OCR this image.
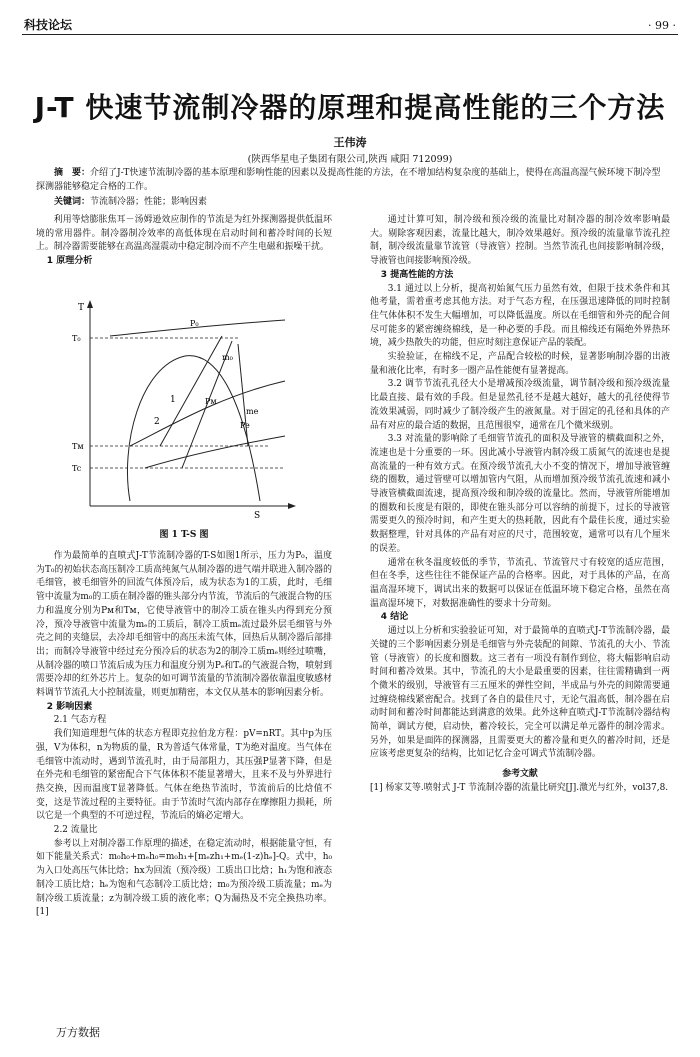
科技论坛	· 99 ·
J-T 快速节流制冷器的原理和提高性能的三个方法
王伟涛
(陕西华星电子集团有限公司,陕西 咸阳 712099)
摘　要：介绍了J-T快速节流制冷器的基本原理和影响性能的因素以及提高性能的方法，在不增加结构复杂度的基础上，使得在高温高湿气候环境下制冷型探测器能够稳定合格的工作。
关键词：节流制冷器；性能；影响因素

利用等焓膨胀焦耳－汤姆逊效应制作的节流是为红外探测器提供低温环境的常用器件。制冷器制冷效率的高低体现在启动时间和蓄冷时间的长短上。制冷器需要能够在高温高湿震动中稳定制冷而不产生电磁和振噪干扰。

1 原理分析

T
S
T₀
Tᴍ
Tc
P₀
Pᴍ
Pe
m₀
me
1
2
图 1 T-S 图

作为最简单的直喷式J-T节流制冷器的T-S如图1所示，压力为P₀，温度为T₀的初始状态高压制冷工质高纯氮气从制冷器的进气端并联进入制冷器的毛细管，被毛细管外的回流气体预冷后，成为状态为1的工质，此时，毛细管中流量为m₀的工质在制冷器的锥头部分内节流，节流后的气液混合物的压力和温度分别为Pᴍ和Tᴍ，它使导液管中的制冷工质在锥头内得到充分预冷，预冷导液管中流量为mₑ的工质后，制冷工质mₑ流过最外层毛细管与外壳之间的夹缝层，去冷却毛细管中的高压未流气体，回热后从制冷器后部排出；而制冷导液管中经过充分预冷后的状态为2的制冷工质mₑ则经过喷嘴，从制冷器的喷口节流后成为压力和温度分别为Pₑ和Tₑ的气液混合物，喷射到需要冷却的红外芯片上。复杂的如可调节流量的节流制冷器依靠温度敏感材料调节节流孔大小控制流量，则更加精密，本文仅从基本的影响因素分析。

2 影响因素

2.1 气态方程

我们知道理想气体的状态方程即克拉伯龙方程：pV=nRT。其中p为压强，V为体积，n为物质的量，R为普适气体常量，T为绝对温度。当气体在毛细管中流动时，遇到节流孔时，由于局部阻力，其压强P显著下降，但是在外壳和毛细管的紧密配合下气体体积不能显著增大，且来不及与外界进行热交换，因而温度T显著降低。气体在绝热节流时，节流前后的比焓值不变，这是节流过程的主要特征。由于节流时气流内部存在摩擦阻力损耗，所以它是一个典型的不可逆过程，节流后的熵必定增大。

2.2 流量比

参考以上对制冷器工作原理的描述，在稳定流动时，根据能量守恒，有如下能量关系式：m₀h₀+mₑh₀=m₀h₁+[mₑzh₁+mₑ(1-z)hₑ]-Q。式中，h₀为入口处高压气体比焓；hx为回流（预冷级）工质出口比焓；h₁为饱和液态制冷工质比焓；hₑ为饱和气态制冷工质比焓；m₀为预冷级工质流量；mₑ为制冷级工质流量；z为制冷级工质的液化率；Q为漏热及不完全换热功率。[1]

通过计算可知，制冷级和预冷级的流量比对制冷器的制冷效率影响最大。剔除客观因素，流量比越大，制冷效果越好。预冷级的流量靠节流孔控制，制冷级流量靠节流管（导液管）控制。当然节流孔也间接影响制冷级，导液管也间接影响预冷级。

3 提高性能的方法

3.1 通过以上分析，提高初始氮气压力虽然有效，但限于技术条件和其他考量，需着重考虑其他方法。对于气态方程，在压强迅速降低的同时控制住气体体积不发生大幅增加，可以降低温度。所以在毛细管和外壳的配合间尽可能多的紧密缠绕棉线，是一种必要的手段。而且棉线还有隔绝外界热环境，减少热散失的功能，但应时刻注意保证产品的装配。

实验验证，在棉线不足，产品配合较松的时候，显著影响制冷器的出液量和液化比率，有时多一圈产品性能便有显著提高。

3.2 调节节流孔孔径大小是增减预冷级流量，调节制冷级和预冷级流量比最直接、最有效的手段。但是显然孔径不是越大越好，越大的孔径使得节流效果减弱，同时减少了制冷级产生的液氮量。对于固定的孔径和具体的产品有对应的最合适的数据，且范围很窄，通常在几个微米级别。

3.3 对流量的影响除了毛细管节流孔的面积及导液管的横截面积之外，流速也是十分重要的一环。因此减小导液管内制冷级工质氮气的流速也是提高流量的一种有效方式。在预冷级节流孔大小不变的情况下，增加导液管缠绕的圈数，通过管壁可以增加管内气阻，从而增加预冷级节流孔流速和减小导液管横截面流速，提高预冷级和制冷级的流量比。然而，导液管所能增加的圈数和长度是有限的，即使在锥头部分可以容纳的前提下，过长的导液管需要更久的预冷时间，和产生更大的热耗散，因此有个最佳长度，通过实验数据整理，针对具体的产品有对应的尺寸，范围较宽，通常可以有几个厘米的误差。

通常在秋冬温度较低的季节，节流孔、节流管尺寸有较宽的适应范围，但在冬季，这些往往不能保证产品的合格率。因此，对于具体的产品，在高温高湿环境下，调试出来的数据可以保证在低温环境下稳定合格，虽然在高温高湿环境下，对数据准确性的要求十分苛刻。

4 结论

通过以上分析和实验验证可知，对于最简单的直喷式J-T节流制冷器，最关键的三个影响因素分别是毛细管与外壳装配的间隙、节流孔的大小、节流管（导液管）的长度和圈数。这三者有一项没有制作到位，将大幅影响启动时间和蓄冷效果。其中，节流孔的大小是最重要的因素，往往需精确到一两个微米的级别，导液管有三五厘米的弹性空间，半成品与外壳的间隙需要通过缠绕棉线紧密配合。找到了各自的最佳尺寸，无论气温高低，制冷器在启动时间和蓄冷时间都能达到满意的效果。此外这种直喷式J-T节流制冷器结构简单，调试方便，启动快，蓄冷较长，完全可以满足单元器件的制冷需求。另外，如果是面阵的探测器，且需要更大的蓄冷量和更久的蓄冷时间，还是应该考虑更复杂的结构，比如记忆合金可调式节流制冷器。

参考文献

[1] 杨家艾等.喷射式 J-T 节流制冷器的流量比研究[J].激光与红外，vol37,8.

万方数据
